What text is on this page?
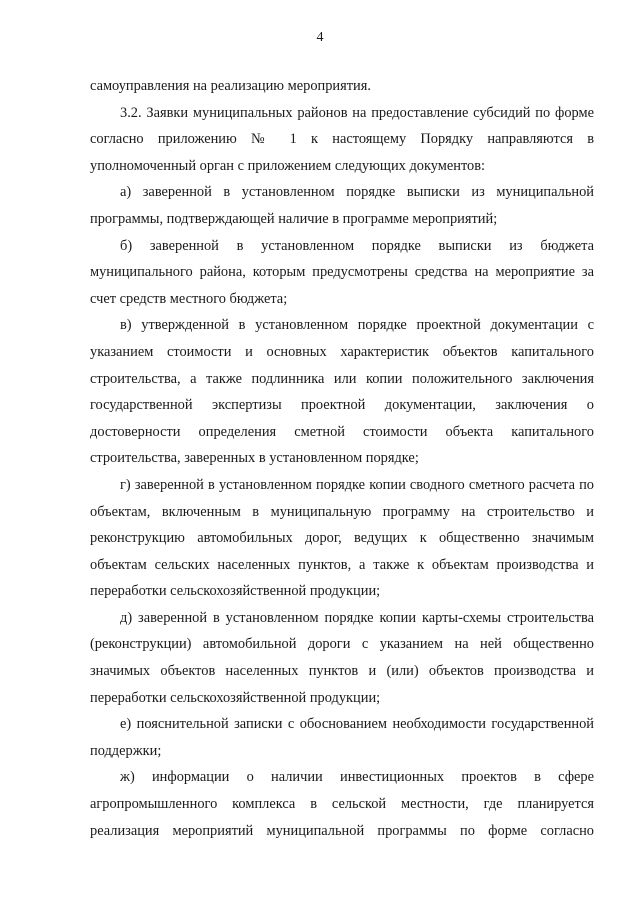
4

самоуправления на реализацию мероприятия.

3.2. Заявки муниципальных районов на предоставление субсидий по форме согласно приложению № 1 к настоящему Порядку направляются в уполномоченный орган с приложением следующих документов:

а) заверенной в установленном порядке выписки из муниципальной программы, подтверждающей наличие в программе мероприятий;

б) заверенной в установленном порядке выписки из бюджета муниципального района, которым предусмотрены средства на мероприятие за счет средств местного бюджета;

в) утвержденной в установленном порядке проектной документации с указанием стоимости и основных характеристик объектов капитального строительства, а также подлинника или копии положительного заключения государственной экспертизы проектной документации, заключения о достоверности определения сметной стоимости объекта капитального строительства, заверенных в установленном порядке;

г) заверенной в установленном порядке копии сводного сметного расчета по объектам, включенным в муниципальную программу на строительство и реконструкцию автомобильных дорог, ведущих к общественно значимым объектам сельских населенных пунктов, а также к объектам производства и переработки сельскохозяйственной продукции;

д) заверенной в установленном порядке копии карты-схемы строительства (реконструкции) автомобильной дороги с указанием на ней общественно значимых объектов населенных пунктов и (или) объектов производства и переработки сельскохозяйственной продукции;

е) пояснительной записки с обоснованием необходимости государственной поддержки;

ж) информации о наличии инвестиционных проектов в сфере агропромышленного комплекса в сельской местности, где планируется реализация мероприятий муниципальной программы по форме согласно
